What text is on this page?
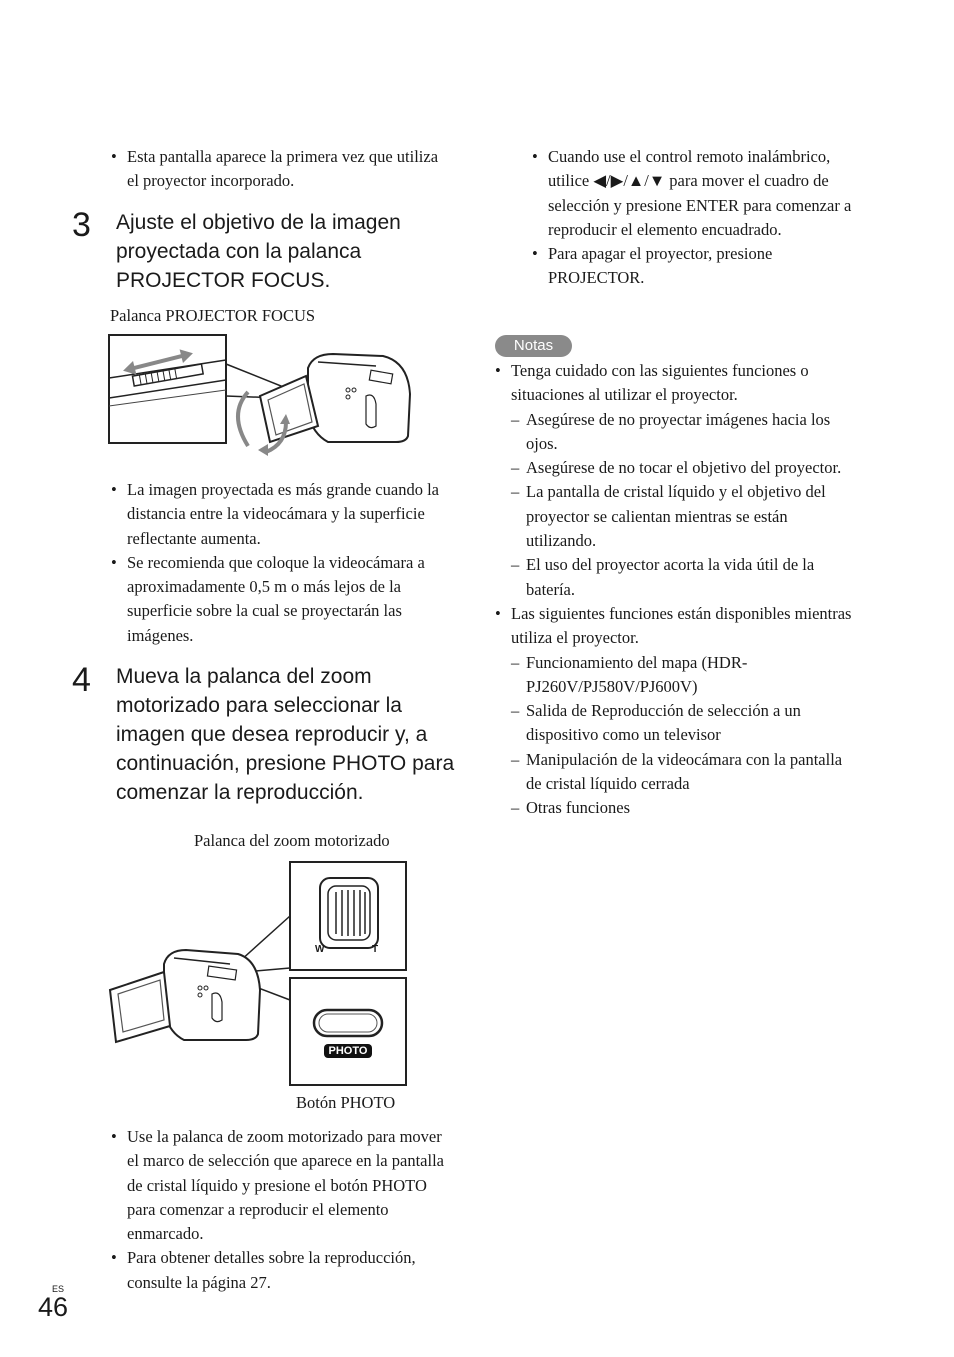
• Esta pantalla aparece la primera vez que utiliza el proyector incorporado.
3 Ajuste el objetivo de la imagen proyectada con la palanca PROJECTOR FOCUS.
Palanca PROJECTOR FOCUS
• La imagen proyectada es más grande cuando la distancia entre la videocámara y la superficie reflectante aumenta.
• Se recomienda que coloque la videocámara a aproximadamente 0,5 m o más lejos de la superficie sobre la cual se proyectarán las imágenes.
4 Mueva la palanca del zoom motorizado para seleccionar la imagen que desea reproducir y, a continuación, presione PHOTO para comenzar la reproducción.
Palanca del zoom motorizado
W	T
PHOTO
Botón PHOTO
• Use la palanca de zoom motorizado para mover el marco de selección que aparece en la pantalla de cristal líquido y presione el botón PHOTO para comenzar a reproducir el elemento enmarcado.
• Para obtener detalles sobre la reproducción, consulte la página 27.
• Cuando use el control remoto inalámbrico, utilice ◀/▶/▲/▼ para mover el cuadro de selección y presione ENTER para comenzar a reproducir el elemento encuadrado.
• Para apagar el proyector, presione PROJECTOR.
Notas
• Tenga cuidado con las siguientes funciones o situaciones al utilizar el proyector.
– Asegúrese de no proyectar imágenes hacia los ojos.
– Asegúrese de no tocar el objetivo del proyector.
– La pantalla de cristal líquido y el objetivo del proyector se calientan mientras se están utilizando.
– El uso del proyector acorta la vida útil de la batería.
• Las siguientes funciones están disponibles mientras utiliza el proyector.
– Funcionamiento del mapa (HDR-PJ260V/PJ580V/PJ600V)
– Salida de Reproducción de selección a un dispositivo como un televisor
– Manipulación de la videocámara con la pantalla de cristal líquido cerrada
– Otras funciones
ES
46
